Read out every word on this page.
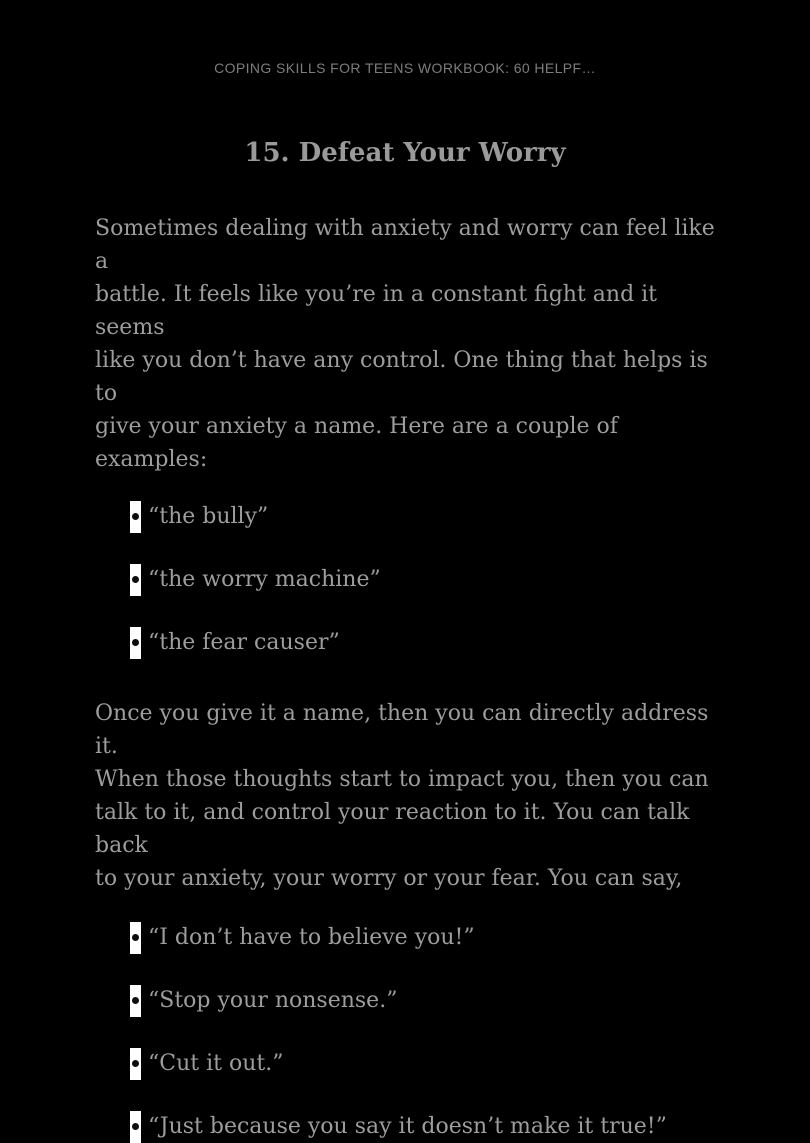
COPING SKILLS FOR TEENS WORKBOOK: 60 HELPF…
15. Defeat Your Worry

Sometimes dealing with anxiety and worry can feel like a
battle. It feels like you’re in a constant fight and it seems
like you don’t have any control. One thing that helps is to
give your anxiety a name. Here are a couple of examples:

“the bully”
“the worry machine”
“the fear causer”

Once you give it a name, then you can directly address it.
When those thoughts start to impact you, then you can
talk to it, and control your reaction to it. You can talk back
to your anxiety, your worry or your fear. You can say,

“I don’t have to believe you!”
“Stop your nonsense.”
“Cut it out.”
“Just because you say it doesn’t make it true!”
